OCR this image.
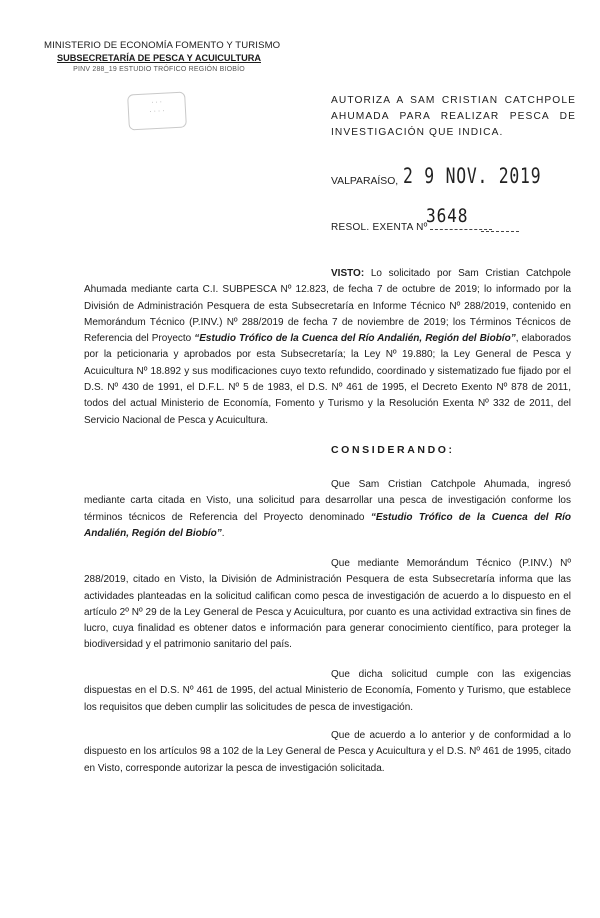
MINISTERIO DE ECONOMÍA FOMENTO Y TURISMO
SUBSECRETARÍA DE PESCA Y ACUICULTURA
PINV 288_19 ESTUDIO TRÓFICO REGIÓN BIOBÍO
· · ·
· · · ·
AUTORIZA A SAM CRISTIAN CATCHPOLE AHUMADA PARA REALIZAR PESCA DE INVESTIGACIÓN QUE INDICA.
VALPARAÍSO, 2 9 NOV. 2019
RESOL. EXENTA Nº
3648

VISTO: Lo solicitado por Sam Cristian Catchpole Ahumada mediante carta C.I. SUBPESCA Nº 12.823, de fecha 7 de octubre de 2019; lo informado por la División de Administración Pesquera de esta Subsecretaría en Informe Técnico Nº 288/2019, contenido en Memorándum Técnico (P.INV.) Nº 288/2019 de fecha 7 de noviembre de 2019; los Términos Técnicos de Referencia del Proyecto “Estudio Trófico de la Cuenca del Río Andalién, Región del Biobío”, elaborados por la peticionaria y aprobados por esta Subsecretaría; la Ley Nº 19.880; la Ley General de Pesca y Acuicultura Nº 18.892 y sus modificaciones cuyo texto refundido, coordinado y sistematizado fue fijado por el D.S. Nº 430 de 1991, el D.F.L. Nº 5 de 1983, el D.S. Nº 461 de 1995, el Decreto Exento Nº 878 de 2011, todos del actual Ministerio de Economía, Fomento y Turismo y la Resolución Exenta Nº 332 de 2011, del Servicio Nacional de Pesca y Acuicultura.

CONSIDERANDO:

Que Sam Cristian Catchpole Ahumada, ingresó mediante carta citada en Visto, una solicitud para desarrollar una pesca de investigación conforme los términos técnicos de Referencia del Proyecto denominado “Estudio Trófico de la Cuenca del Río Andalién, Región del Biobío”.

Que mediante Memorándum Técnico (P.INV.) Nº 288/2019, citado en Visto, la División de Administración Pesquera de esta Subsecretaría informa que las actividades planteadas en la solicitud califican como pesca de investigación de acuerdo a lo dispuesto en el artículo 2º Nº 29 de la Ley General de Pesca y Acuicultura, por cuanto es una actividad extractiva sin fines de lucro, cuya finalidad es obtener datos e información para generar conocimiento científico, para proteger la biodiversidad y el patrimonio sanitario del país.

Que dicha solicitud cumple con las exigencias dispuestas en el D.S. Nº 461 de 1995, del actual Ministerio de Economía, Fomento y Turismo, que establece los requisitos que deben cumplir las solicitudes de pesca de investigación.

Que de acuerdo a lo anterior y de conformidad a lo dispuesto en los artículos 98 a 102 de la Ley General de Pesca y Acuicultura y el D.S. Nº 461 de 1995, citado en Visto, corresponde autorizar la pesca de investigación solicitada.
